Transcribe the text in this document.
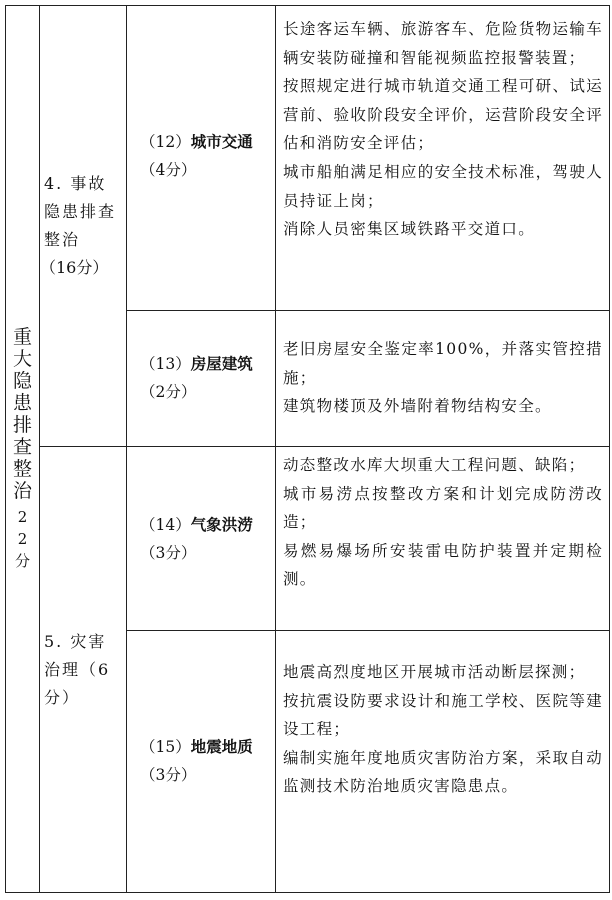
重大隐患排查整治
22分
4. 事故隐患排查整治
（16分）
5. 灾害治理（6分）
（12）城市交通
（4分）
（13）房屋建筑
（2分）
（14）气象洪涝
（3分）
（15）地震地质
（3分）

长途客运车辆、旅游客车、危险货物运输车辆安装防碰撞和智能视频监控报警装置；

按照规定进行城市轨道交通工程可研、试运营前、验收阶段安全评价，运营阶段安全评估和消防安全评估；

城市船舶满足相应的安全技术标准，驾驶人员持证上岗；

消除人员密集区域铁路平交道口。

老旧房屋安全鉴定率100%，并落实管控措施；

建筑物楼顶及外墙附着物结构安全。

动态整改水库大坝重大工程问题、缺陷；

城市易涝点按整改方案和计划完成防涝改造；

易燃易爆场所安装雷电防护装置并定期检测。

地震高烈度地区开展城市活动断层探测；

按抗震设防要求设计和施工学校、医院等建设工程；

编制实施年度地质灾害防治方案，采取自动监测技术防治地质灾害隐患点。
